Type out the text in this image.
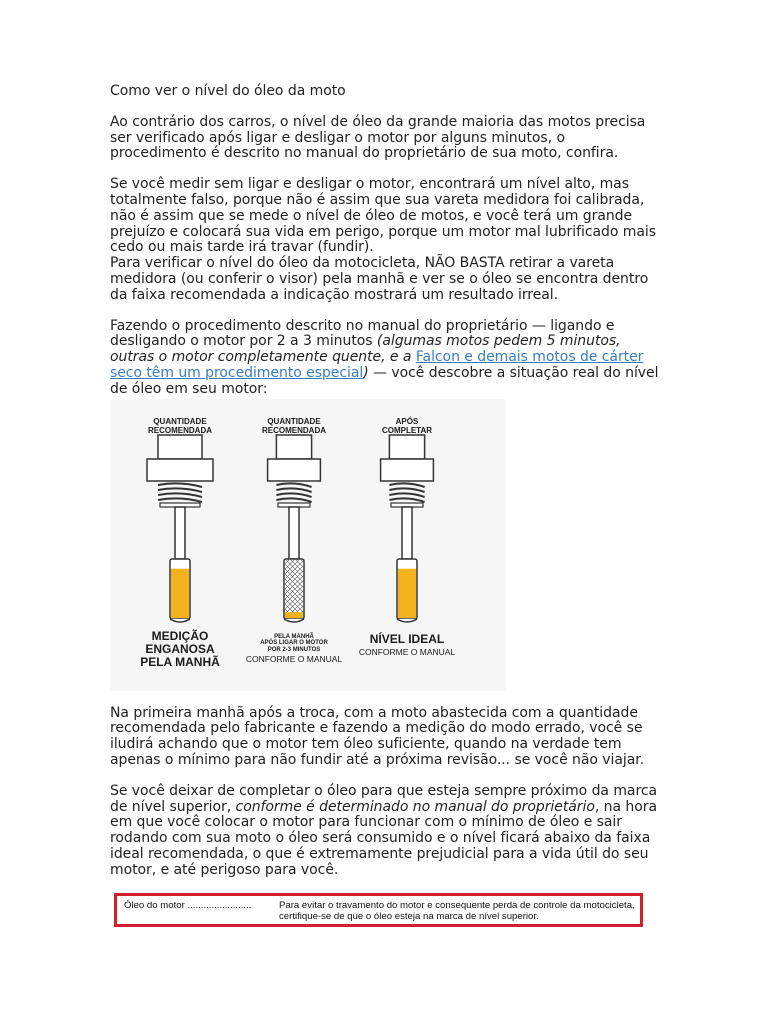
Como ver o nível do óleo da moto

Ao contrário dos carros, o nível de óleo da grande maioria das motos precisa ser verificado após ligar e desligar o motor por alguns minutos, o procedimento é descrito no manual do proprietário de sua moto, confira.

Se você medir sem ligar e desligar o motor, encontrará um nível alto, mas totalmente falso, porque não é assim que sua vareta medidora foi calibrada, não é assim que se mede o nível de óleo de motos, e você terá um grande prejuízo e colocará sua vida em perigo, porque um motor mal lubrificado mais cedo ou mais tarde irá travar (fundir).

Para verificar o nível do óleo da motocicleta, NÃO BASTA retirar a vareta medidora (ou conferir o visor) pela manhã e ver se o óleo se encontra dentro da faixa recomendada a indicação mostrará um resultado irreal.

Fazendo o procedimento descrito no manual do proprietário — ligando e desligando o motor por 2 a 3 minutos (algumas motos pedem 5 minutos, outras o motor completamente quente, e a Falcon e demais motos de cárter seco têm um procedimento especial) — você descobre a situação real do nível de óleo em seu motor:

QUANTIDADE
RECOMENDADA
QUANTIDADE
RECOMENDADA
APÓS
COMPLETAR
MEDIÇÃO
ENGANOSA
PELA MANHÃ
PELA MANHÃ
APÓS LIGAR O MOTOR
POR 2-3 MINUTOS
CONFORME O MANUAL
NÍVEL IDEAL
CONFORME O MANUAL

Na primeira manhã após a troca, com a moto abastecida com a quantidade recomendada pelo fabricante e fazendo a medição do modo errado, você se iludirá achando que o motor tem óleo suficiente, quando na verdade tem apenas o mínimo para não fundir até a próxima revisão... se você não viajar.

Se você deixar de completar o óleo para que esteja sempre próximo da marca de nível superior, conforme é determinado no manual do proprietário, na hora em que você colocar o motor para funcionar com o mínimo de óleo e sair rodando com sua moto o óleo será consumido e o nível ficará abaixo da faixa ideal recomendada, o que é extremamente prejudicial para a vida útil do seu motor, e até perigoso para você.

Óleo do motor ........................	Para evitar o travamento do motor e consequente perda de controle da motocicleta, certifique-se de que o óleo esteja na marca de nível superior.
